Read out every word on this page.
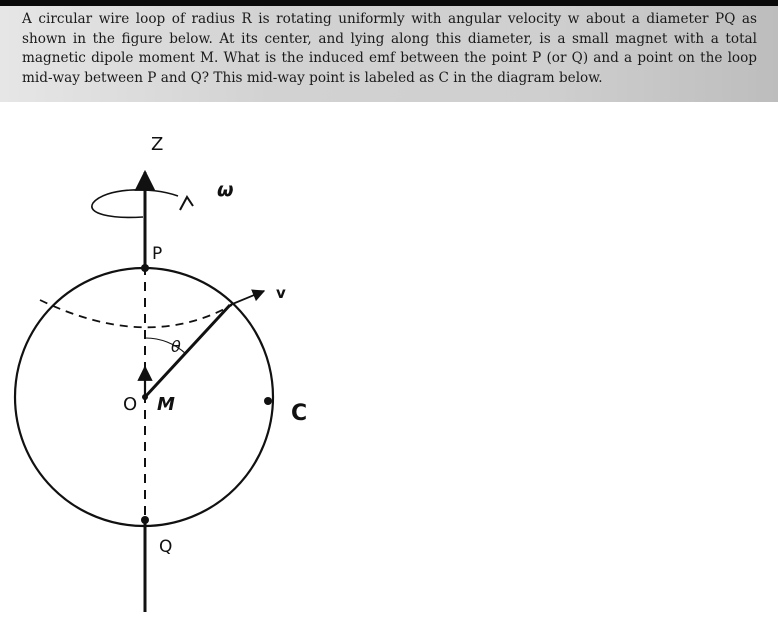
A circular wire loop of radius R is rotating uniformly with angular velocity w about a diameter PQ as shown in the figure below. At its center, and lying along this diameter, is a small magnet with a total magnetic dipole moment M. What is the induced emf between the point P (or Q) and a point on the loop mid-way between P and Q? This mid-way point is labeled as C in the diagram below.

Z
ω
P
v
θ
O M	C
Q
